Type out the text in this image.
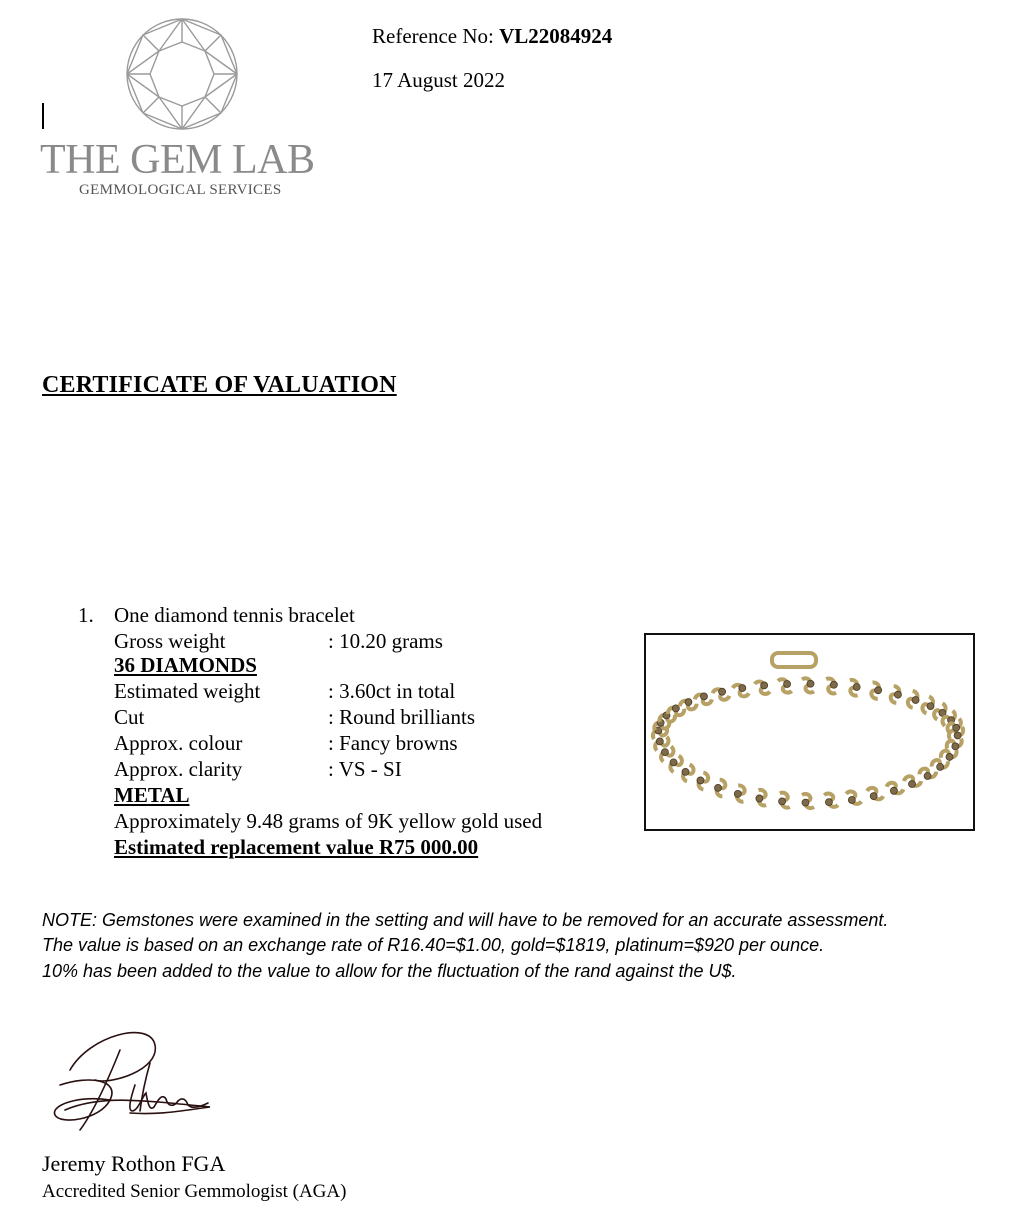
THE GEM LAB
GEMMOLOGICAL SERVICES
Reference No: VL22084924
17 August 2022
CERTIFICATE OF VALUATION
1. One diamond tennis bracelet
Gross weight	: 10.20 grams
36 DIAMONDS
Estimated weight	: 3.60ct in total
Cut	: Round brilliants
Approx. colour	: Fancy browns
Approx. clarity	: VS - SI
METAL
Approximately 9.48 grams of 9K yellow gold used
Estimated replacement value R75 000.00
NOTE: Gemstones were examined in the setting and will have to be removed for an accurate assessment.
The value is based on an exchange rate of R16.40=$1.00, gold=$1819, platinum=$920 per ounce.
10% has been added to the value to allow for the fluctuation of the rand against the U$.
Jeremy Rothon FGA
Accredited Senior Gemmologist (AGA)
